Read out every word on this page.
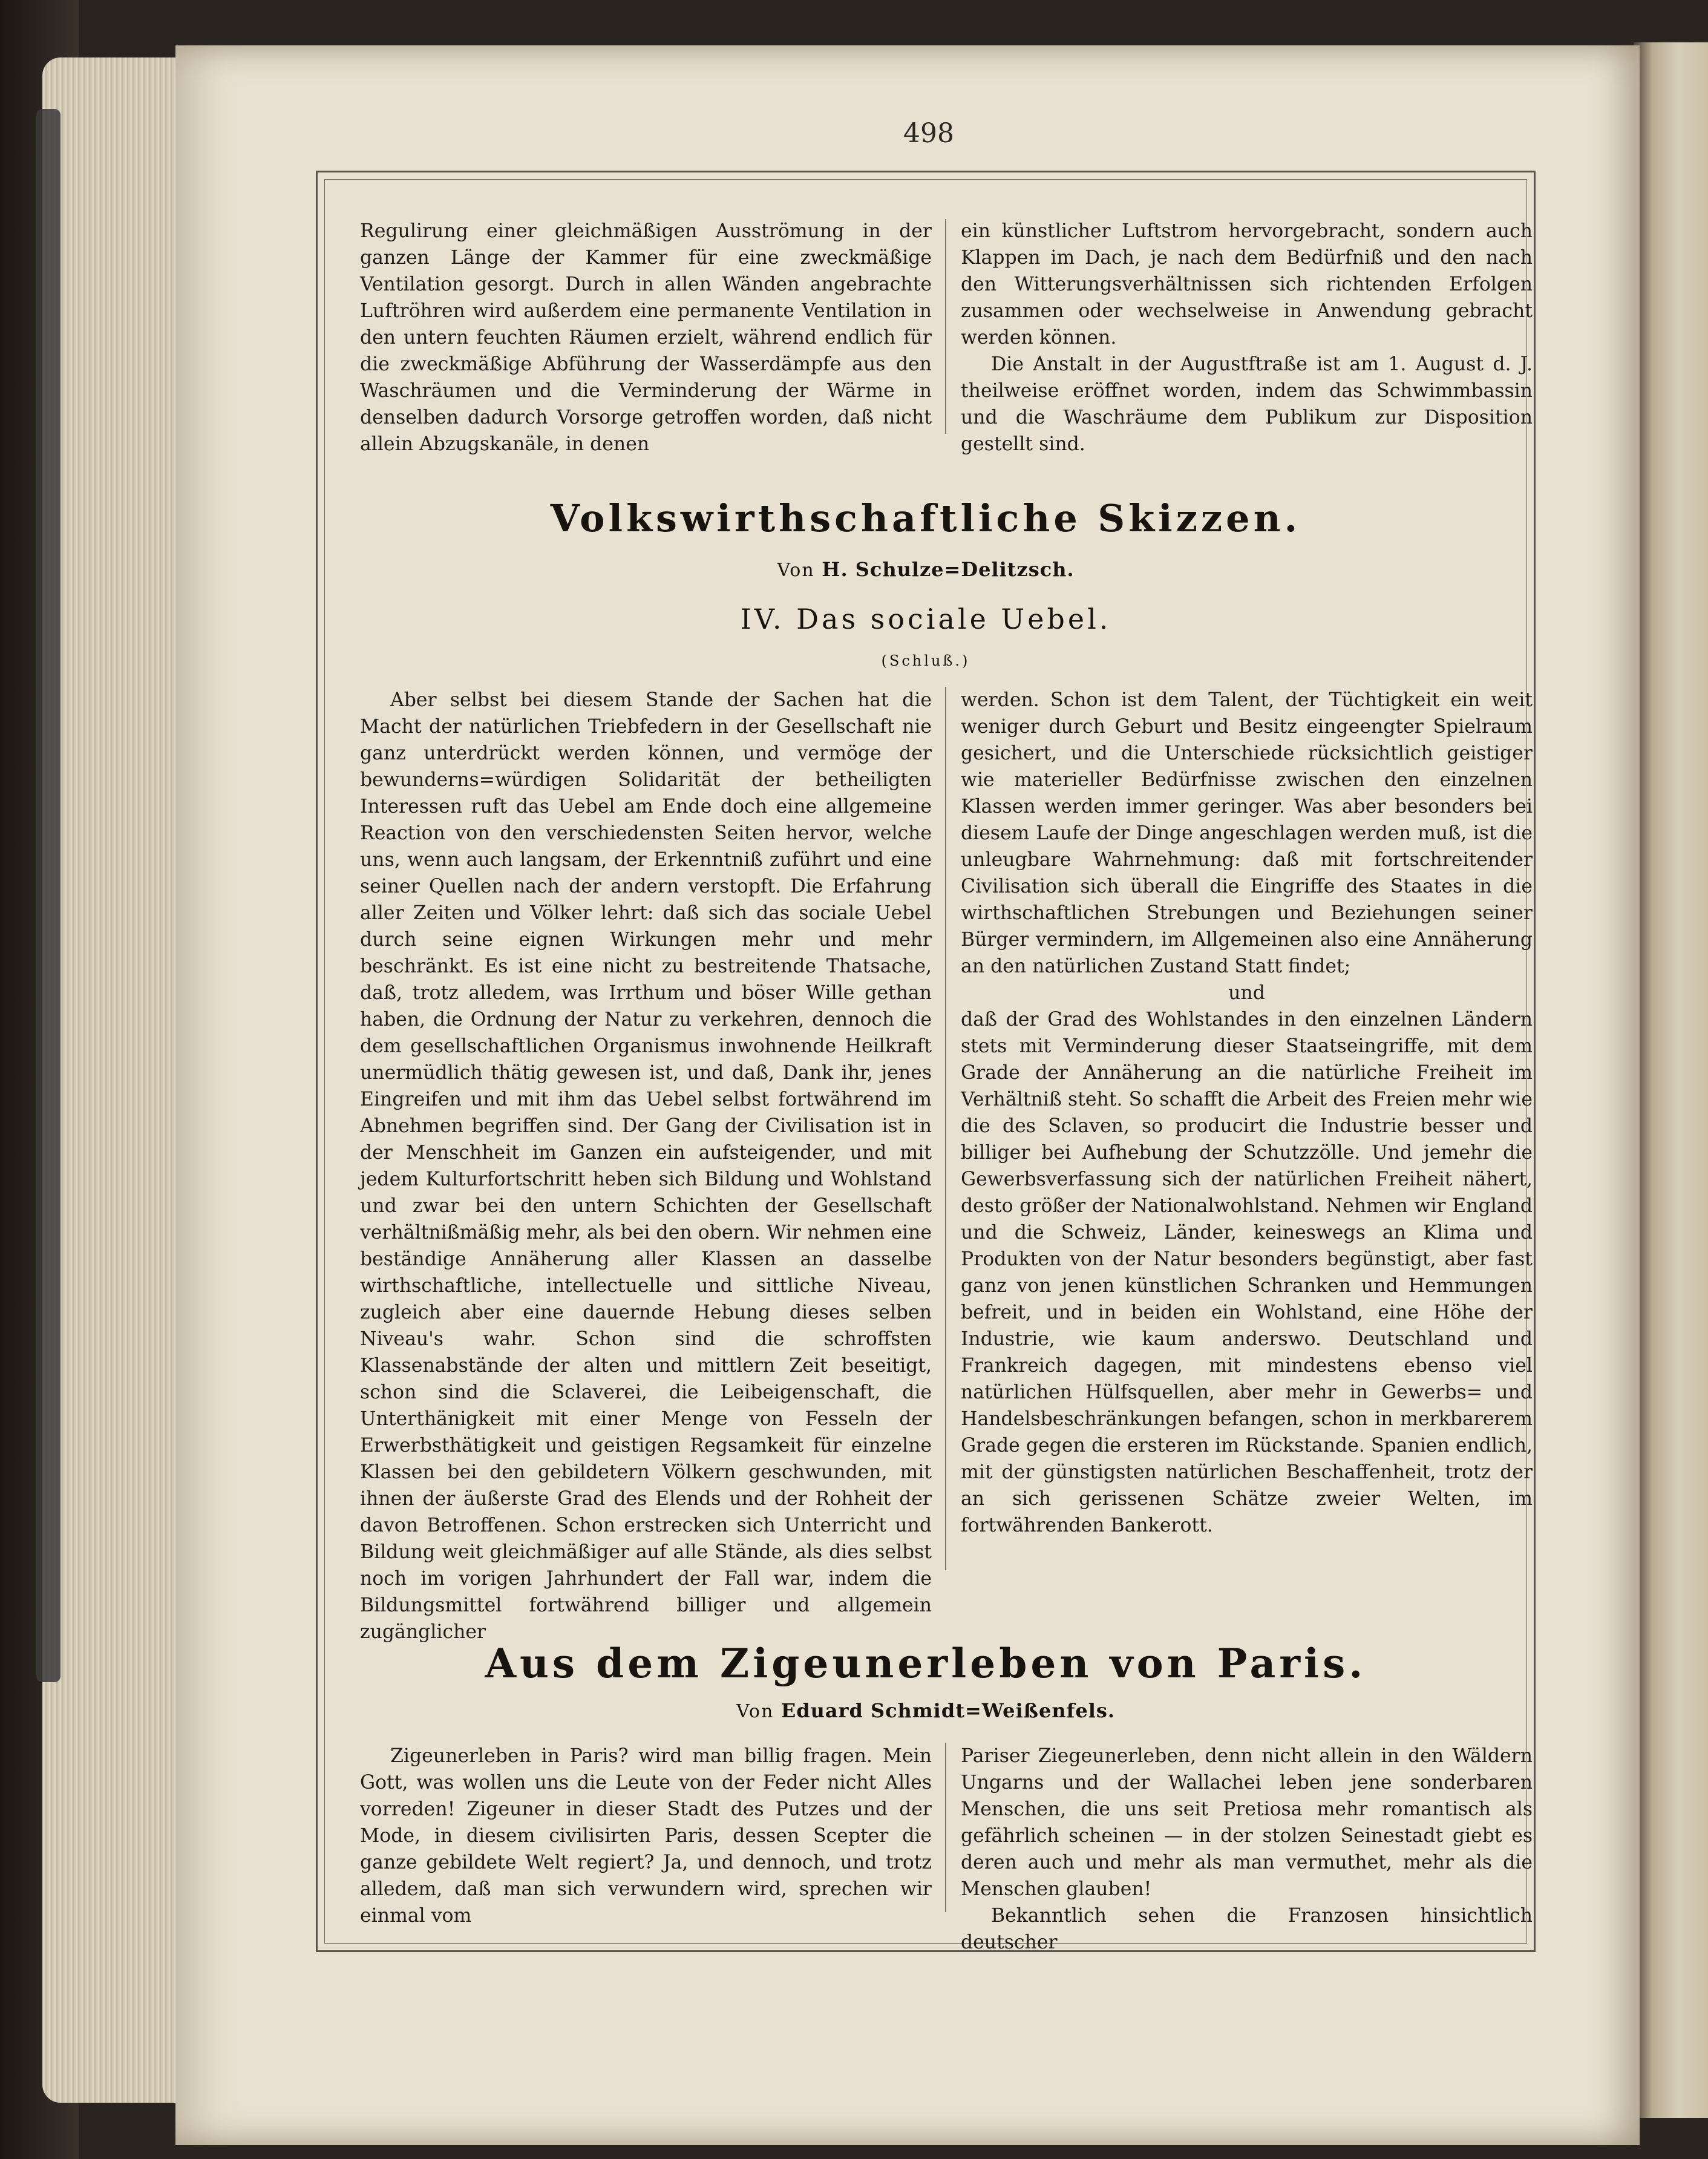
498

Regulirung einer gleichmäßigen Ausströmung in der ganzen Länge der Kammer für eine zweckmäßige Ventilation gesorgt. Durch in allen Wänden angebrachte Luftröhren wird außerdem eine permanente Ventilation in den untern feuchten Räumen erzielt, während endlich für die zweckmäßige Abführung der Wasserdämpfe aus den Waschräumen und die Verminderung der Wärme in denselben dadurch Vorsorge getroffen worden, daß nicht allein Abzugskanäle, in denen

ein künstlicher Luftstrom hervorgebracht, sondern auch Klappen im Dach, je nach dem Bedürfniß und den nach den Witterungsverhältnissen sich richtenden Erfolgen zusammen oder wechselweise in Anwendung gebracht werden können.

Die Anstalt in der Augustftraße ist am 1. August d. J. theilweise eröffnet worden, indem das Schwimmbassin und die Waschräume dem Publikum zur Disposition gestellt sind.

Volkswirthschaftliche Skizzen.
Von H. Schulze=Delitzsch.
IV. Das sociale Uebel.
(Schluß.)

Aber selbst bei diesem Stande der Sachen hat die Macht der natürlichen Triebfedern in der Gesellschaft nie ganz unterdrückt werden können, und vermöge der bewunderns=würdigen Solidarität der betheiligten Interessen ruft das Uebel am Ende doch eine allgemeine Reaction von den verschiedensten Seiten hervor, welche uns, wenn auch langsam, der Erkenntniß zuführt und eine seiner Quellen nach der andern verstopft. Die Erfahrung aller Zeiten und Völker lehrt: daß sich das sociale Uebel durch seine eignen Wirkungen mehr und mehr beschränkt. Es ist eine nicht zu bestreitende Thatsache, daß, trotz alledem, was Irrthum und böser Wille gethan haben, die Ordnung der Natur zu verkehren, dennoch die dem gesellschaftlichen Organismus inwohnende Heilkraft unermüdlich thätig gewesen ist, und daß, Dank ihr, jenes Eingreifen und mit ihm das Uebel selbst fortwährend im Abnehmen begriffen sind. Der Gang der Civilisation ist in der Menschheit im Ganzen ein aufsteigender, und mit jedem Kulturfortschritt heben sich Bildung und Wohlstand und zwar bei den untern Schichten der Gesellschaft verhältnißmäßig mehr, als bei den obern. Wir nehmen eine beständige Annäherung aller Klassen an dasselbe wirthschaftliche, intellectuelle und sittliche Niveau, zugleich aber eine dauernde Hebung dieses selben Niveau's wahr. Schon sind die schroffsten Klassenabstände der alten und mittlern Zeit beseitigt, schon sind die Sclaverei, die Leibeigenschaft, die Unterthänigkeit mit einer Menge von Fesseln der Erwerbsthätigkeit und geistigen Regsamkeit für einzelne Klassen bei den gebildetern Völkern geschwunden, mit ihnen der äußerste Grad des Elends und der Rohheit der davon Betroffenen. Schon erstrecken sich Unterricht und Bildung weit gleichmäßiger auf alle Stände, als dies selbst noch im vorigen Jahrhundert der Fall war, indem die Bildungsmittel fortwährend billiger und allgemein zugänglicher

werden. Schon ist dem Talent, der Tüchtigkeit ein weit weniger durch Geburt und Besitz eingeengter Spielraum gesichert, und die Unterschiede rücksichtlich geistiger wie materieller Bedürfnisse zwischen den einzelnen Klassen werden immer geringer. Was aber besonders bei diesem Laufe der Dinge angeschlagen werden muß, ist die unleugbare Wahrnehmung: daß mit fortschreitender Civilisation sich überall die Eingriffe des Staates in die wirthschaftlichen Strebungen und Beziehungen seiner Bürger vermindern, im Allgemeinen also eine Annäherung an den natürlichen Zustand Statt findet;

und

daß der Grad des Wohlstandes in den einzelnen Ländern stets mit Verminderung dieser Staatseingriffe, mit dem Grade der Annäherung an die natürliche Freiheit im Verhältniß steht. So schafft die Arbeit des Freien mehr wie die des Sclaven, so producirt die Industrie besser und billiger bei Aufhebung der Schutzzölle. Und jemehr die Gewerbsverfassung sich der natürlichen Freiheit nähert, desto größer der Nationalwohlstand. Nehmen wir England und die Schweiz, Länder, keineswegs an Klima und Produkten von der Natur besonders begünstigt, aber fast ganz von jenen künstlichen Schranken und Hemmungen befreit, und in beiden ein Wohlstand, eine Höhe der Industrie, wie kaum anderswo. Deutschland und Frankreich dagegen, mit mindestens ebenso viel natürlichen Hülfsquellen, aber mehr in Gewerbs= und Handelsbeschränkungen befangen, schon in merkbarerem Grade gegen die ersteren im Rückstande. Spanien endlich, mit der günstigsten natürlichen Beschaffenheit, trotz der an sich gerissenen Schätze zweier Welten, im fortwährenden Bankerott.

Aus dem Zigeunerleben von Paris.
Von Eduard Schmidt=Weißenfels.

Zigeunerleben in Paris? wird man billig fragen. Mein Gott, was wollen uns die Leute von der Feder nicht Alles vorreden! Zigeuner in dieser Stadt des Putzes und der Mode, in diesem civilisirten Paris, dessen Scepter die ganze gebildete Welt regiert? Ja, und dennoch, und trotz alledem, daß man sich verwundern wird, sprechen wir einmal vom

Pariser Ziegeunerleben, denn nicht allein in den Wäldern Ungarns und der Wallachei leben jene sonderbaren Menschen, die uns seit Pretiosa mehr romantisch als gefährlich scheinen — in der stolzen Seinestadt giebt es deren auch und mehr als man vermuthet, mehr als die Menschen glauben!

Bekanntlich sehen die Franzosen hinsichtlich deutscher
